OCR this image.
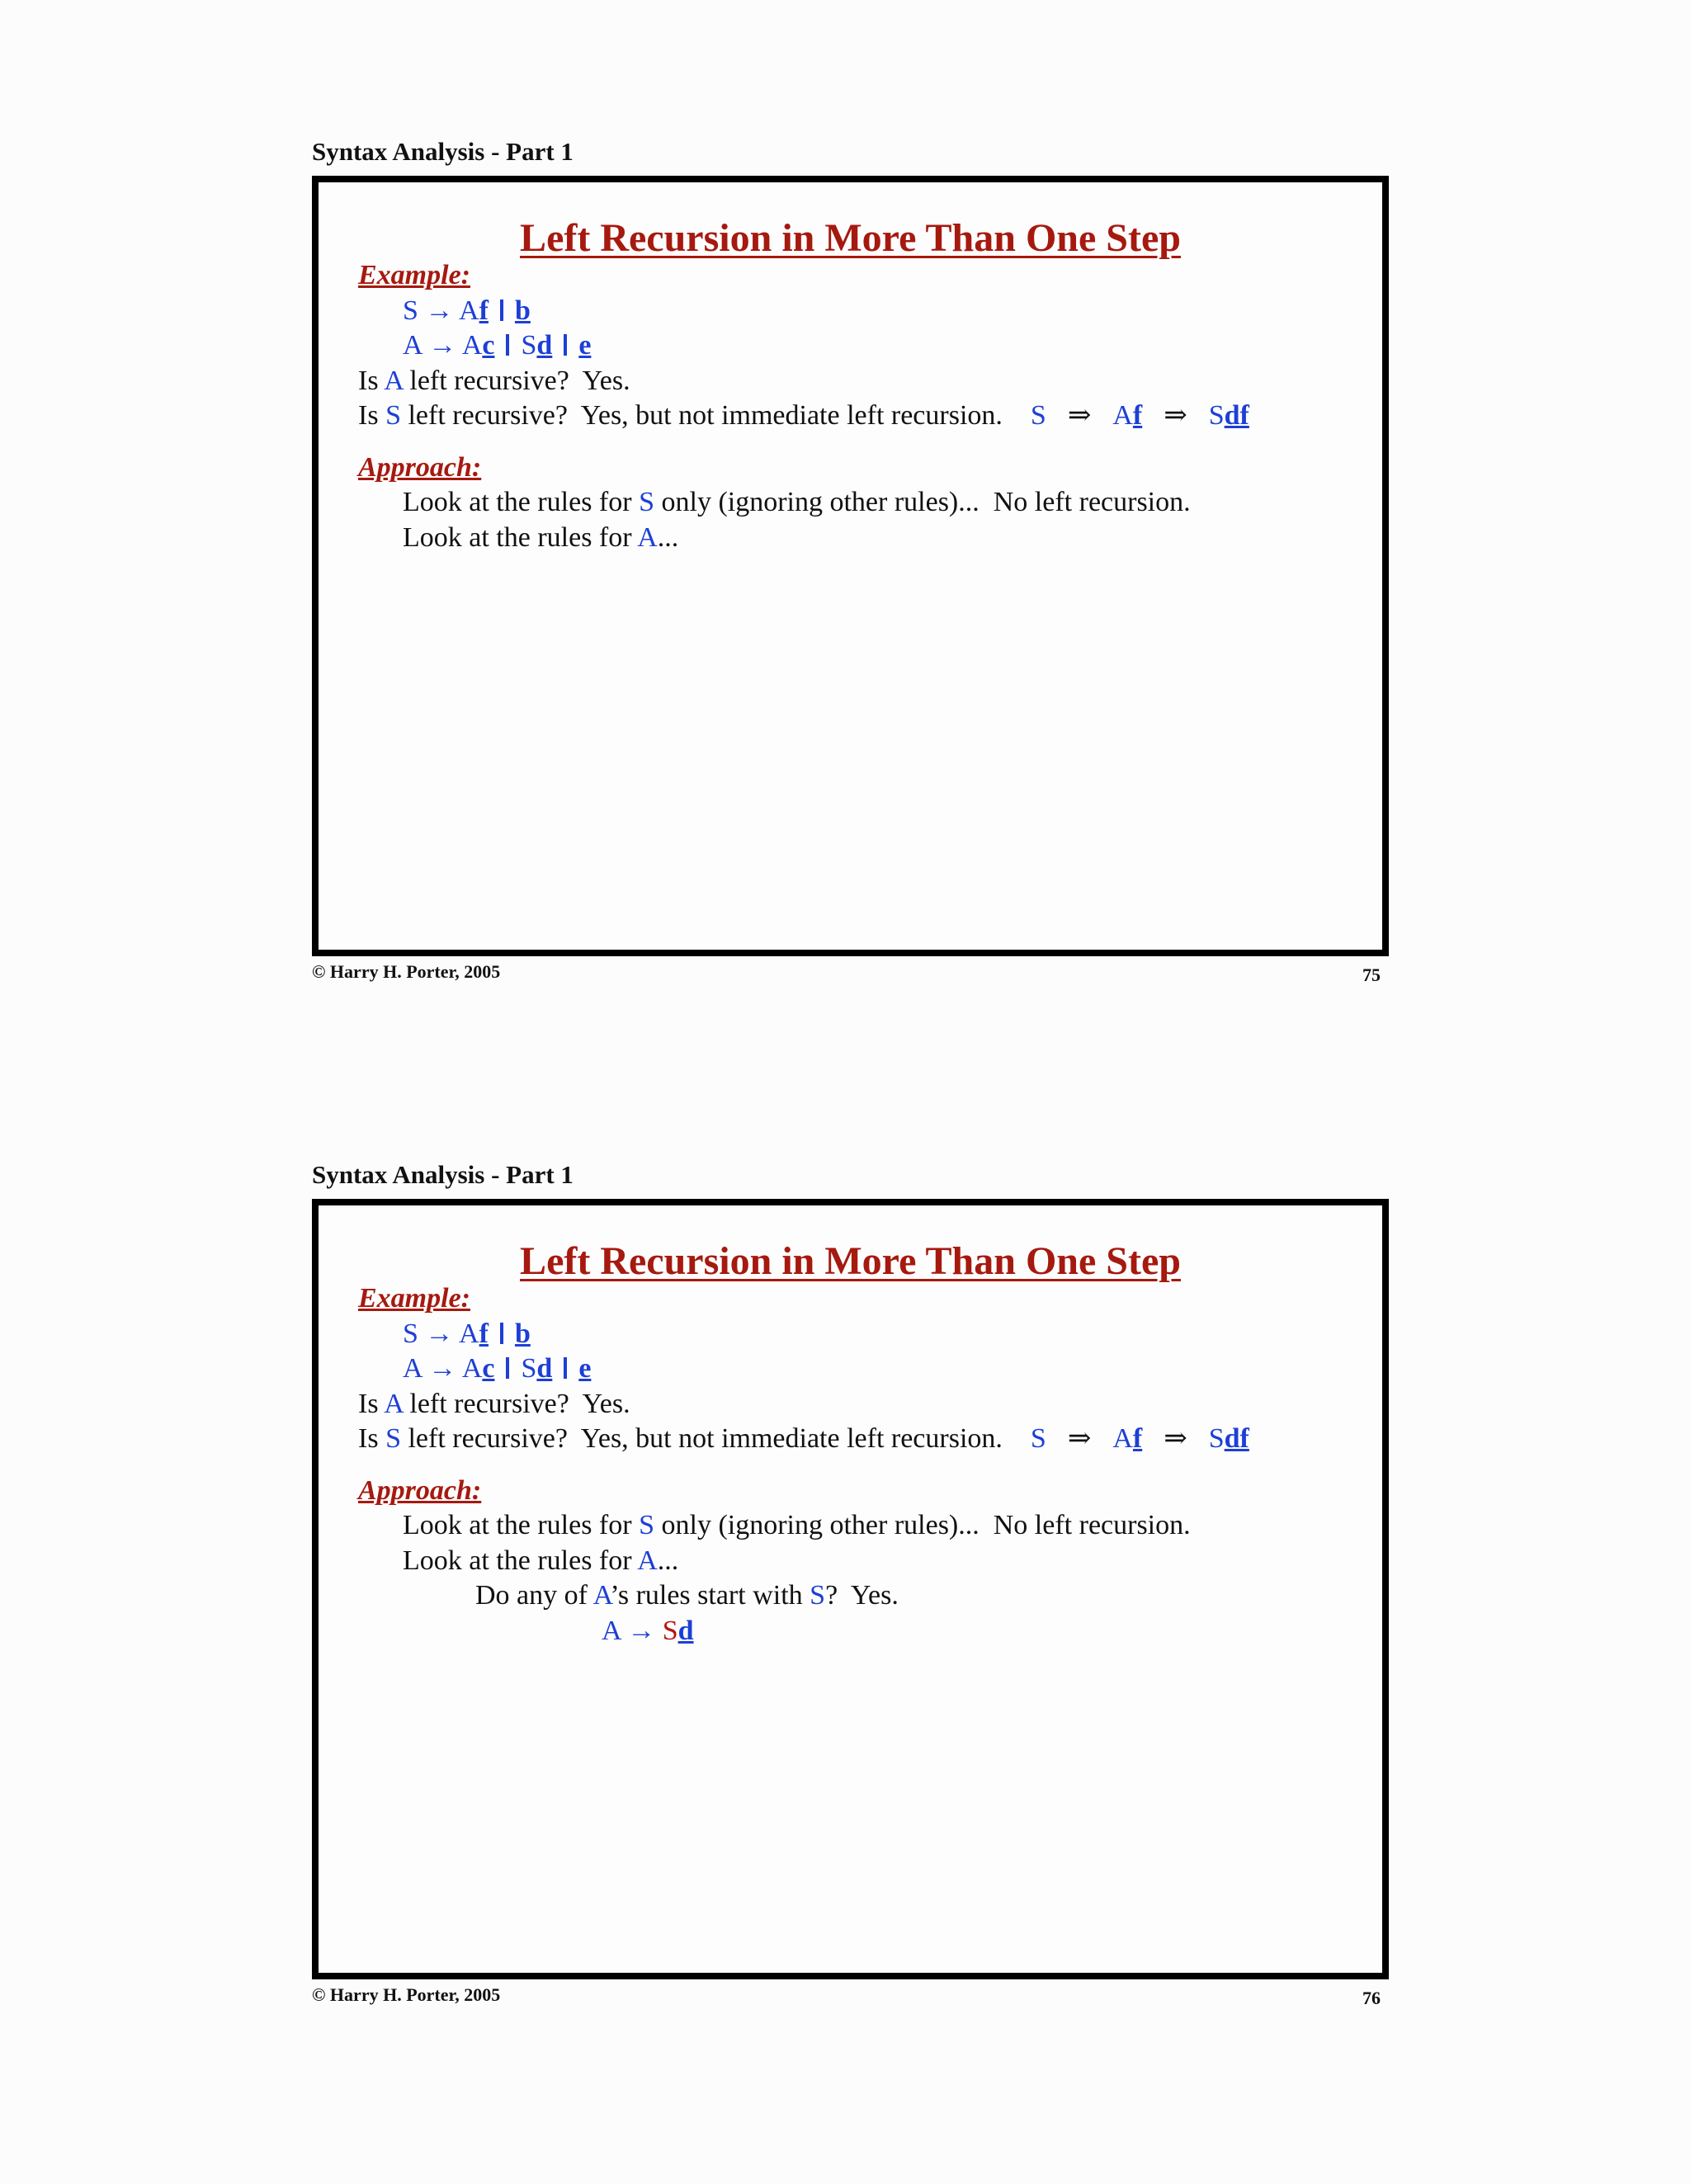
Syntax Analysis - Part 1
Left Recursion in More Than One Step
Example:
S → Af b
A → Ac Sd e
Is A left recursive?  Yes.
Is S left recursive?  Yes, but not immediate left recursion. S ⇒ Af ⇒ Sdf
Approach:
Look at the rules for S only (ignoring other rules)...  No left recursion.
Look at the rules for A...
© Harry H. Porter, 2005	75
Syntax Analysis - Part 1
Left Recursion in More Than One Step
Example:
S → Af b
A → Ac Sd e
Is A left recursive?  Yes.
Is S left recursive?  Yes, but not immediate left recursion. S ⇒ Af ⇒ Sdf
Approach:
Look at the rules for S only (ignoring other rules)...  No left recursion.
Look at the rules for A...
Do any of A’s rules start with S?  Yes.
A → Sd
© Harry H. Porter, 2005	76
